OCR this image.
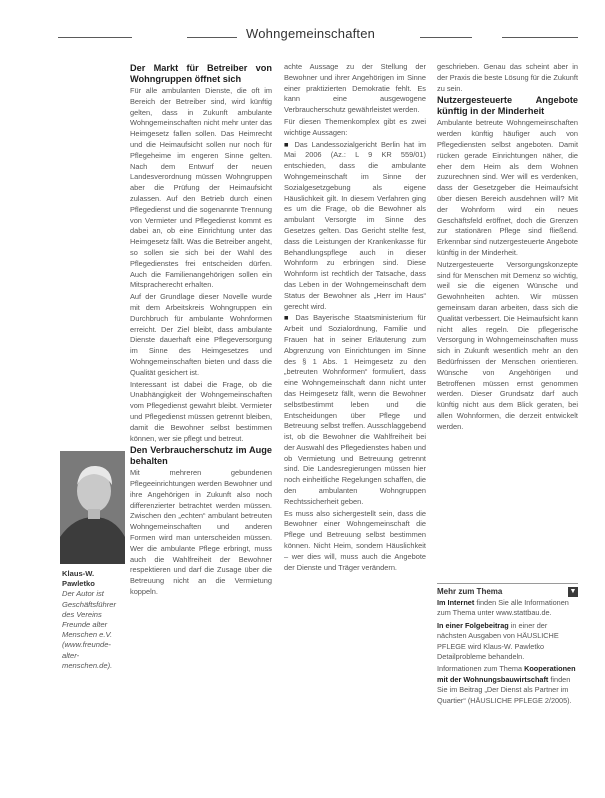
Wohngemeinschaften
Klaus-W. Pawletko
Der Autor ist Geschäftsführer des Vereins Freunde alter Menschen e.V. (www.freunde-alter-menschen.de).
Der Markt für Betreiber von Wohngruppen öffnet sich

Für alle ambulanten Dienste, die oft im Bereich der Betreiber sind, wird künftig gelten, dass in Zukunft ambulante Wohngemeinschaften nicht mehr unter das Heimgesetz fallen sollen. Das Heimrecht und die Heimaufsicht sollen nur noch für Pflegeheime im engeren Sinne gelten. Nach dem Entwurf der neuen Landesverordnung müssen Wohngruppen aber die Prüfung der Heimaufsicht zulassen. Auf den Betrieb durch einen Pflegedienst und die sogenannte Trennung von Vermieter und Pflegedienst kommt es dabei an, ob eine Einrichtung unter das Heimgesetz fällt. Was die Betreiber angeht, so sollen sie sich bei der Wahl des Pflegedienstes frei entscheiden dürfen. Auch die Familienangehörigen sollen ein Mitspracherecht erhalten.

Auf der Grundlage dieser Novelle wurde mit dem Arbeitskreis Wohngruppen ein Durchbruch für ambulante Wohnformen erreicht. Der Ziel bleibt, dass ambulante Dienste dauerhaft eine Pflegeversorgung im Sinne des Heimgesetzes und Wohngemeinschaften bieten und dass die Qualität gesichert ist.

Interessant ist dabei die Frage, ob die Unabhängigkeit der Wohngemeinschaften vom Pflegedienst gewahrt bleibt. Vermieter und Pflegedienst müssen getrennt bleiben, damit die Bewohner selbst bestimmen können, wer sie pflegt und betreut.

Den Verbraucherschutz im Auge behalten

Mit mehreren gebundenen Pflegeeinrichtungen werden Bewohner und ihre Angehörigen in Zukunft also noch differenzierter betrachtet werden müssen. Zwischen den „echten“ ambulant betreuten Wohngemeinschaften und anderen Formen wird man unterscheiden müssen. Wer die ambulante Pflege erbringt, muss auch die Wahlfreiheit der Bewohner respektieren und darf die Zusage über die Betreuung nicht an die Vermietung koppeln.

achte Aussage zu der Stellung der Bewohner und ihrer Angehörigen im Sinne einer praktizierten Demokratie fehlt. Es kann eine ausgewogene Verbraucherschutz gewährleistet werden.

Für diesen Themenkomplex gibt es zwei wichtige Aussagen:

■ Das Landessozialgericht Berlin hat im Mai 2006 (Az.: L 9 KR 559/01) entschieden, dass die ambulante Wohngemeinschaft im Sinne der Sozialgesetzgebung als eigene Häuslichkeit gilt. In diesem Verfahren ging es um die Frage, ob die Bewohner als ambulant Versorgte im Sinne des Gesetzes gelten. Das Gericht stellte fest, dass die Leistungen der Krankenkasse für Behandlungspflege auch in dieser Wohnform zu erbringen sind. Diese Wohnform ist rechtlich der Tatsache, dass das Leben in der Wohngemeinschaft dem Status der Bewohner als „Herr im Haus“ gerecht wird.

■ Das Bayerische Staatsministerium für Arbeit und Sozialordnung, Familie und Frauen hat in seiner Erläuterung zum Abgrenzung von Einrichtungen im Sinne des § 1 Abs. 1 Heimgesetz zu den „betreuten Wohnformen“ formuliert, dass eine Wohngemeinschaft dann nicht unter das Heimgesetz fällt, wenn die Bewohner selbstbestimmt leben und die Entscheidungen über Pflege und Betreuung selbst treffen. Ausschlaggebend ist, ob die Bewohner die Wahlfreiheit bei der Auswahl des Pflegedienstes haben und ob Vermietung und Betreuung getrennt sind. Die Landesregierungen müssen hier noch einheitliche Regelungen schaffen, die den ambulanten Wohngruppen Rechtssicherheit geben.

Es muss also sichergestellt sein, dass die Bewohner einer Wohngemeinschaft die Pflege und Betreuung selbst bestimmen können. Nicht Heim, sondern Häuslichkeit – wer dies will, muss auch die Angebote der Dienste und Träger verändern.

geschrieben. Genau das scheint aber in der Praxis die beste Lösung für die Zukunft zu sein.

Nutzergesteuerte Angebote künftig in der Minderheit

Ambulante betreute Wohngemeinschaften werden künftig häufiger auch von Pflegediensten selbst angeboten. Damit rücken gerade Einrichtungen näher, die eher dem Heim als dem Wohnen zuzurechnen sind. Wer will es verdenken, dass der Gesetzgeber die Heimaufsicht über diesen Bereich ausdehnen will? Mit der Wohnform wird ein neues Geschäftsfeld eröffnet, doch die Grenzen zur stationären Pflege sind fließend. Erkennbar sind nutzergesteuerte Angebote künftig in der Minderheit.

Nutzergesteuerte Versorgungskonzepte sind für Menschen mit Demenz so wichtig, weil sie die eigenen Wünsche und Gewohnheiten achten. Wir müssen gemeinsam daran arbeiten, dass sich die Qualität verbessert. Die Heimaufsicht kann nicht alles regeln. Die pflegerische Versorgung in Wohngemeinschaften muss sich in Zukunft wesentlich mehr an den Bedürfnissen der Menschen orientieren. Wünsche von Angehörigen und Betroffenen müssen ernst genommen werden. Dieser Grundsatz darf auch künftig nicht aus dem Blick geraten, bei allen Wohnformen, die derzeit entwickelt werden.

Mehr zum Thema	▼

Im Internet finden Sie alle Informationen zum Thema unter www.stattbau.de.

In einer Folgebeitrag in einer der nächsten Ausgaben von HÄUSLICHE PFLEGE wird Klaus-W. Pawletko Detailprobleme behandeln.

Informationen zum Thema Kooperationen mit der Wohnungsbauwirtschaft finden Sie im Beitrag „Der Dienst als Partner im Quartier“ (HÄUSLICHE PFLEGE 2/2005).
